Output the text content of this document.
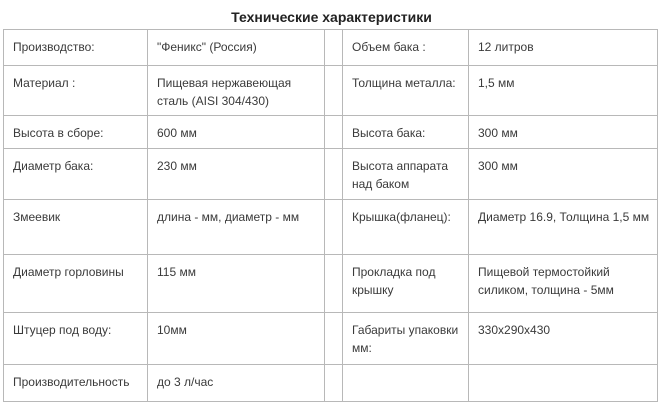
Технические характеристики
Производство:	"Феникс" (Россия)		Объем бака :	12 литров
Материал :	Пищевая нержавеющая сталь (AISI 304/430)		Толщина металла:	1,5 мм
Высота в сборе:	600 мм		Высота бака:	300 мм
Диаметр бака:	230 мм		Высота аппарата над баком	300 мм
Змеевик	длина - мм, диаметр - мм		Крышка(фланец):	Диаметр 16.9, Толщина 1,5 мм
Диаметр горловины	115 мм		Прокладка под крышку	Пищевой термостойкий силиком, толщина - 5мм
Штуцер под воду:	10мм		Габариты упаковки мм:	330х290х430
Производительность	до 3 л/час			
